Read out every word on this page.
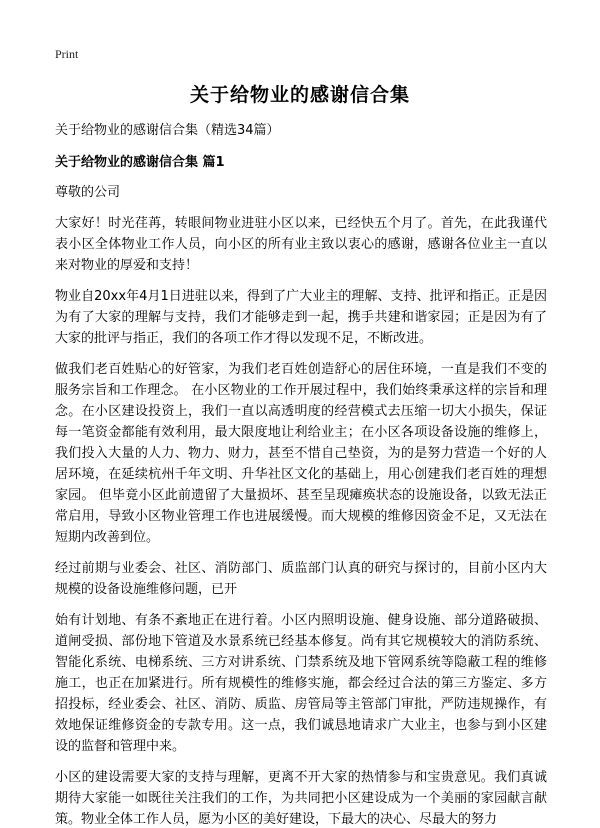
Print
关于给物业的感谢信合集
关于给物业的感谢信合集（精选34篇）
关于给物业的感谢信合集 篇1
尊敬的公司

大家好！时光荏苒，转眼间物业进驻小区以来，已经快五个月了。首先，在此我谨代表小区全体物业工作人员，向小区的所有业主致以衷心的感谢，感谢各位业主一直以来对物业的厚爱和支持！

物业自20xx年4月1日进驻以来，得到了广大业主的理解、支持、批评和指正。正是因为有了大家的理解与支持，我们才能够走到一起，携手共建和谐家园；正是因为有了大家的批评与指正，我们的各项工作才得以发现不足，不断改进。

做我们老百姓贴心的好管家，为我们老百姓创造舒心的居住环境，一直是我们不变的服务宗旨和工作理念。 在小区物业的工作开展过程中，我们始终秉承这样的宗旨和理念。在小区建设投资上，我们一直以高透明度的经营模式去压缩一切大小损失，保证每一笔资金都能有效利用，最大限度地让利给业主；在小区各项设备设施的维修上，我们投入大量的人力、物力、财力，甚至不惜自己垫资，为的是努力营造一个好的人居环境，在延续杭州千年文明、升华社区文化的基础上，用心创建我们老百姓的理想家园。 但毕竟小区此前遗留了大量损坏、甚至呈现瘫痪状态的设施设备，以致无法正常启用，导致小区物业管理工作也进展缓慢。而大规模的维修因资金不足，又无法在短期内改善到位。

经过前期与业委会、社区、消防部门、质监部门认真的研究与探讨的，目前小区内大规模的设备设施维修问题，已开

始有计划地、有条不紊地正在进行着。小区内照明设施、健身设施、部分道路破损、道闸受损、部份地下管道及水景系统已经基本修复。尚有其它规模较大的消防系统、智能化系统、电梯系统、三方对讲系统、门禁系统及地下管网系统等隐蔽工程的维修施工，也正在加紧进行。所有规模性的维修实施，都会经过合法的第三方鉴定、多方招投标，经业委会、社区、消防、质监、房管局等主管部门审批，严防违规操作，有效地保证维修资金的专款专用。这一点，我们诚恳地请求广大业主，也参与到小区建设的监督和管理中来。

小区的建设需要大家的支持与理解，更离不开大家的热情参与和宝贵意见。我们真诚期待大家能一如既往关注我们的工作，为共同把小区建设成为一个美丽的家园献言献策。物业全体工作人员，愿为小区的美好建设，下最大的决心、尽最大的努力
